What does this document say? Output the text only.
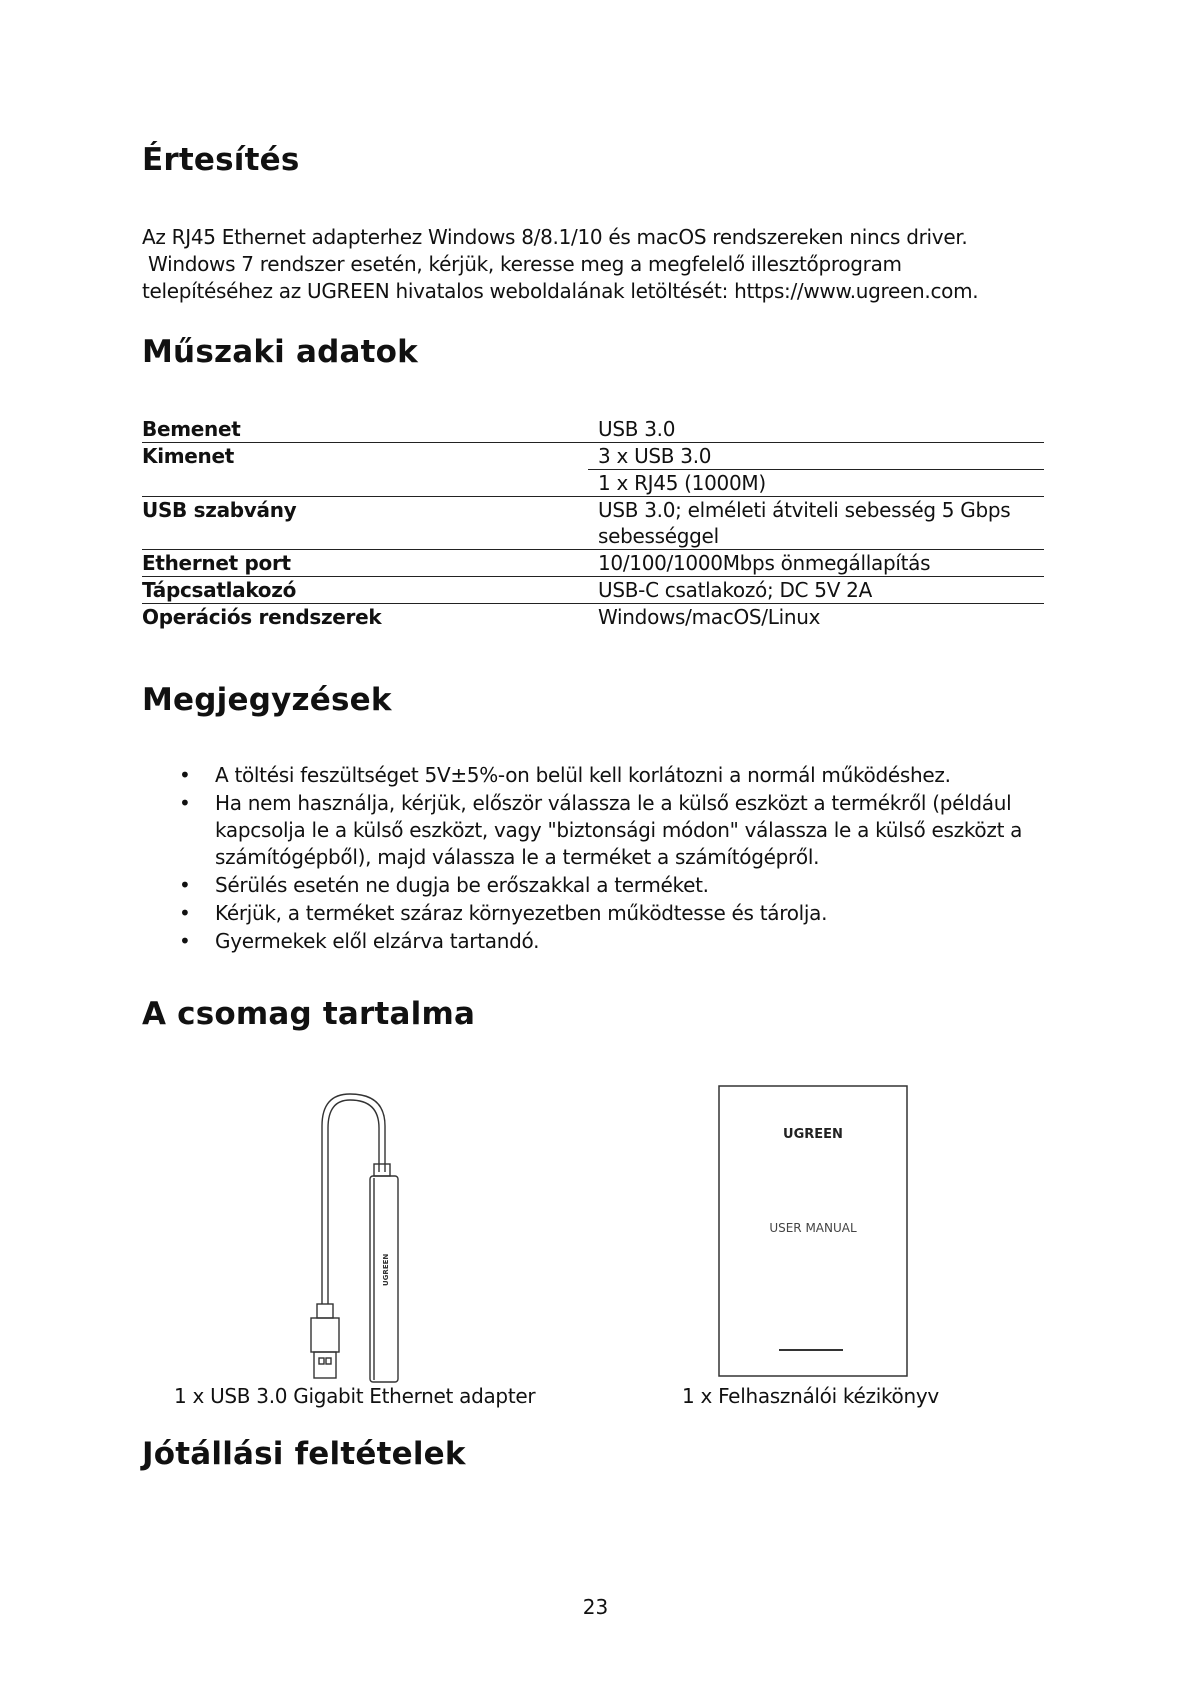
Értesítés

Az RJ45 Ethernet adapterhez Windows 8/8.1/10 és macOS rendszereken nincs driver.
Windows 7 rendszer esetén, kérjük, keresse meg a megfelelő illesztőprogram
telepítéséhez az UGREEN hivatalos weboldalának letöltését: https://www.ugreen.com.

Műszaki adatok
Bemenet	USB 3.0
Kimenet	3 x USB 3.0
	1 x RJ45 (1000M)
USB szabvány	USB 3.0; elméleti átviteli sebesség 5 Gbps
	sebességgel
Ethernet port	10/100/1000Mbps önmegállapítás
Tápcsatlakozó	USB-C csatlakozó; DC 5V 2A
Operációs rendszerek	Windows/macOS/Linux
Megjegyzések
• A töltési feszültséget 5V±5%-on belül kell korlátozni a normál működéshez.
• Ha nem használja, kérjük, először válassza le a külső eszközt a termékről (például kapcsolja le a külső eszközt, vagy "biztonsági módon" válassza le a külső eszközt a számítógépből), majd válassza le a terméket a számítógépről.
• Sérülés esetén ne dugja be erőszakkal a terméket.
• Kérjük, a terméket száraz környezetben működtesse és tárolja.
• Gyermekek elől elzárva tartandó.
A csomag tartalma
UGREEN
1 x USB 3.0 Gigabit Ethernet adapter
UGREEN
USER MANUAL
1 x Felhasználói kézikönyv
Jótállási feltételek
23
